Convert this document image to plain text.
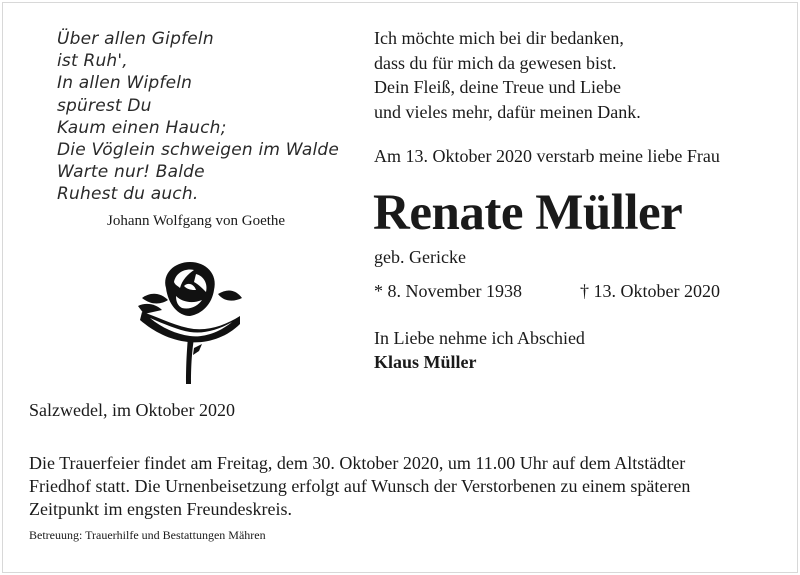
Über allen Gipfeln
ist Ruh',
In allen Wipfeln
spürest Du
Kaum einen Hauch;
Die Vöglein schweigen im Walde
Warte nur! Balde
Ruhest du auch.
Johann Wolfgang von Goethe
Ich möchte mich bei dir bedanken,
dass du für mich da gewesen bist.
Dein Fleiß, deine Treue und Liebe
und vieles mehr, dafür meinen Dank.
Am 13. Oktober 2020 verstarb meine liebe Frau
Renate Müller
geb. Gericke
* 8. November 1938	† 13. Oktober 2020
In Liebe nehme ich Abschied
Klaus Müller
Salzwedel, im Oktober 2020
Die Trauerfeier findet am Freitag, dem 30. Oktober 2020, um 11.00 Uhr auf dem Altstädter
Friedhof statt. Die Urnenbeisetzung erfolgt auf Wunsch der Verstorbenen zu einem späteren
Zeitpunkt im engsten Freundeskreis.
Betreuung: Trauerhilfe und Bestattungen Mähren
